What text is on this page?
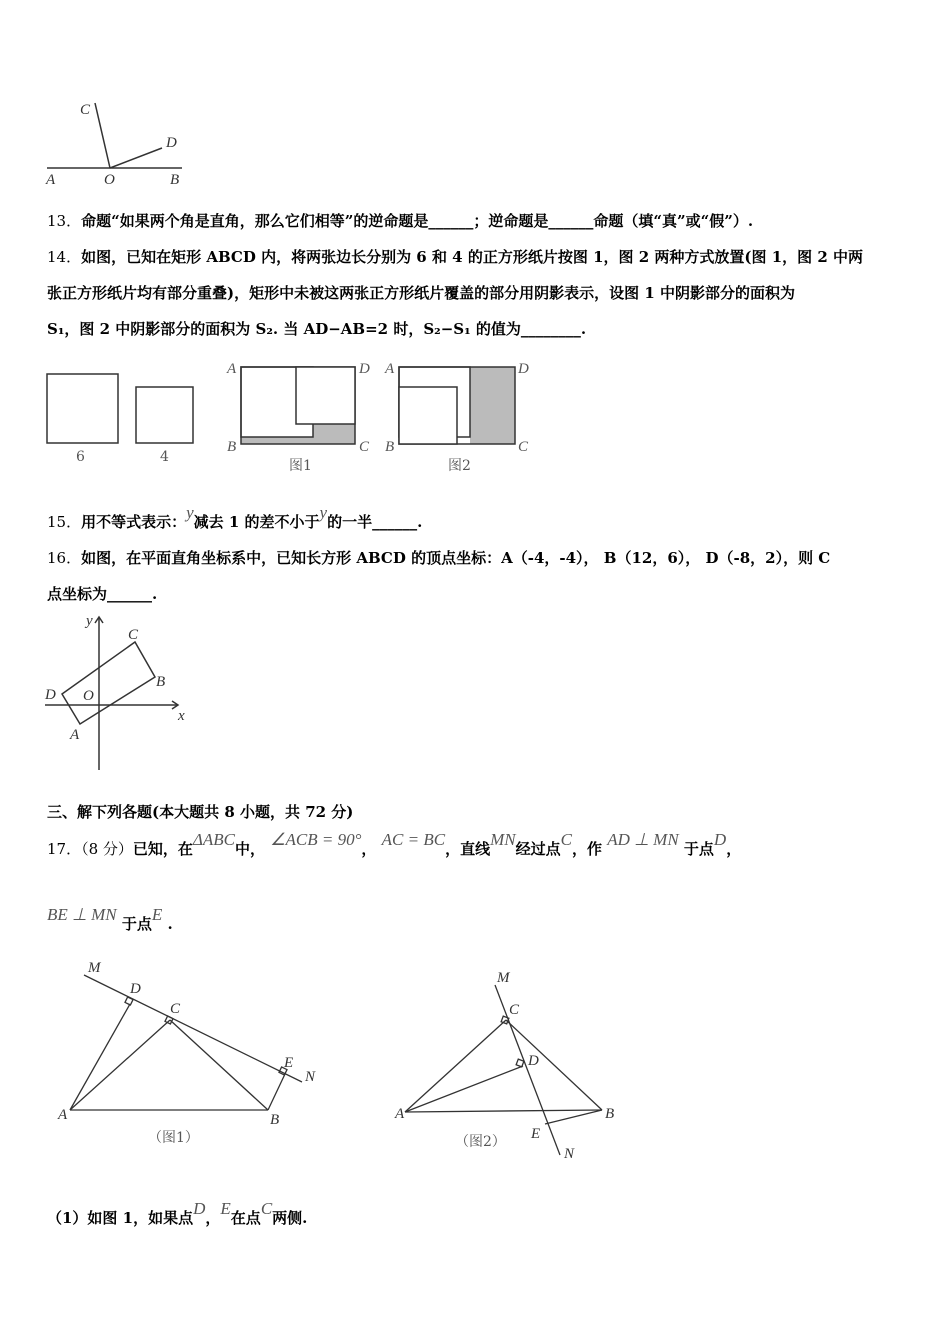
A	O	B
C
D
6	4
A	D
B	C
图1
A	D
B	C
图2
x
y
O
D
A
B
C
M
D
C
E
N
A	B
（图1）
M
C
D
E
N
A	B
（图2）
13．命题“如果两个角是直角，那么它们相等”的逆命题是______；逆命题是______命题（填“真”或“假”）.
14．如图，已知在矩形 ABCD 内，将两张边长分别为 6 和 4 的正方形纸片按图 1，图 2 两种方式放置(图 1，图 2 中两
张正方形纸片均有部分重叠)，矩形中未被这两张正方形纸片覆盖的部分用阴影表示，设图 1 中阴影部分的面积为
S₁，图 2 中阴影部分的面积为 S₂. 当 AD−AB=2 时，S₂−S₁ 的值为________.
15．用不等式表示：y减去 1 的差不小于y的一半______.
16．如图，在平面直角坐标系中，已知长方形 ABCD 的顶点坐标：A（-4，-4）， B（12，6）， D（-8，2），则 C
点坐标为______.
三、解下列各题(本大题共 8 小题，共 72 分)
17．（8 分）已知，在ΔABC中， ∠ACB = 90°， AC = BC，直线MN经过点C，作 AD ⊥ MN 于点D，
BE ⊥ MN 于点E .
（1）如图 1，如果点D，E在点C两侧.
